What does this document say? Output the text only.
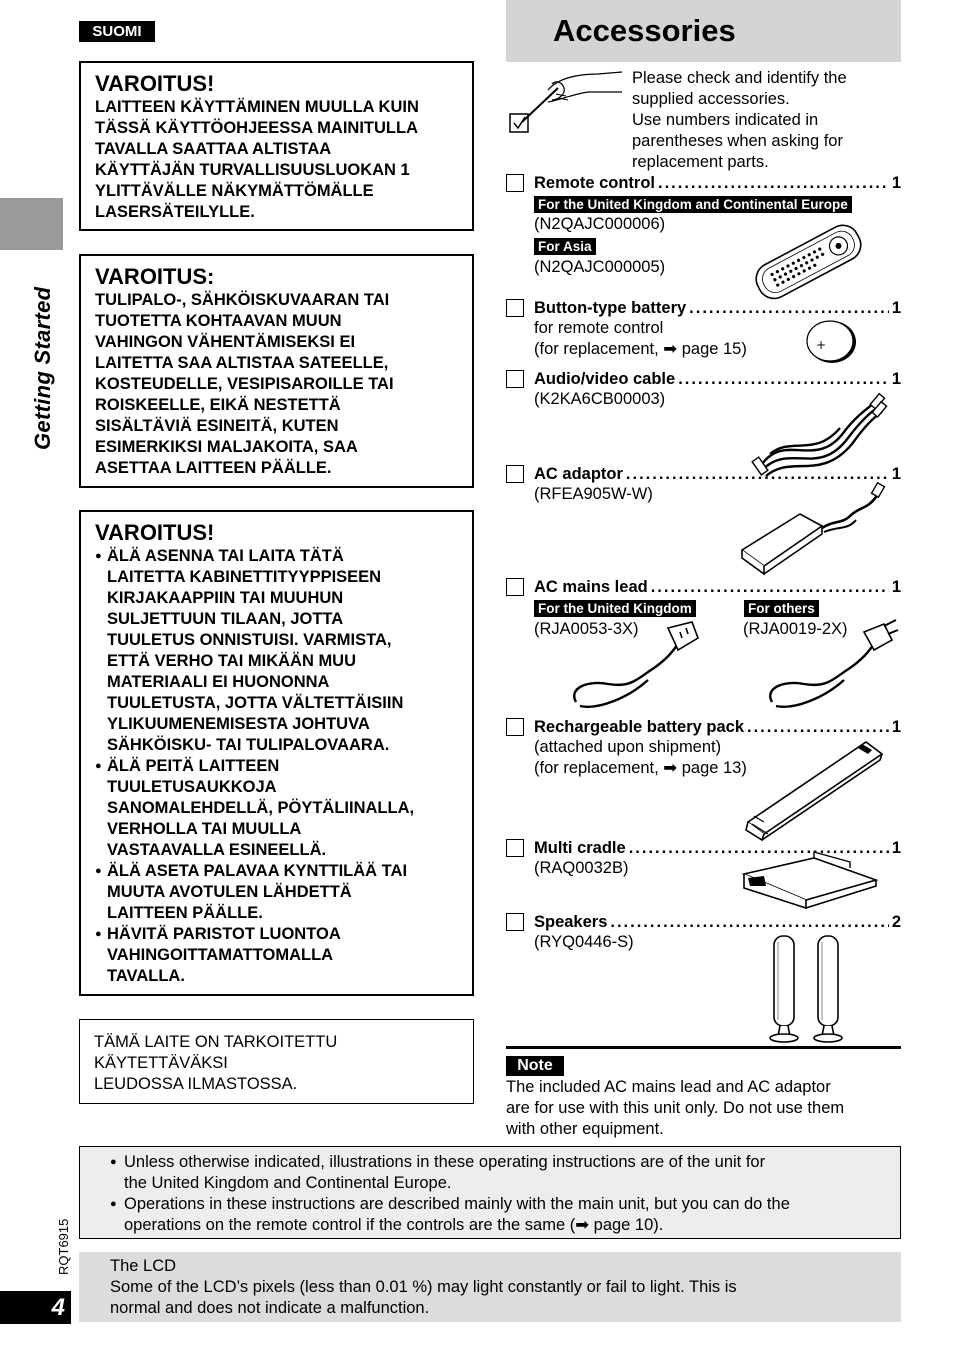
SUOMI
Getting Started
VAROITUS!
LAITTEEN KÄYTTÄMINEN MUULLA KUIN
TÄSSÄ KÄYTTÖOHJEESSA MAINITULLA
TAVALLA SAATTAA ALTISTAA
KÄYTTÄJÄN TURVALLISUUSLUOKAN 1
YLITTÄVÄLLE NÄKYMÄTTÖMÄLLE
LASERSÄTEILYLLE.
VAROITUS:
TULIPALO-, SÄHKÖISKUVAARAN TAI
TUOTETTA KOHTAAVAN MUUN
VAHINGON VÄHENTÄMISEKSI EI
LAITETTA SAA ALTISTAA SATEELLE,
KOSTEUDELLE, VESIPISAROILLE TAI
ROISKEELLE, EIKÄ NESTETTÄ
SISÄLTÄVIÄ ESINEITÄ, KUTEN
ESIMERKIKSI MALJAKOITA, SAA
ASETTAA LAITTEEN PÄÄLLE.
VAROITUS!
● ÄLÄ ASENNA TAI LAITA TÄTÄ
LAITETTA KABINETTITYYPPISEEN
KIRJAKAAPPIIN TAI MUUHUN
SULJETTUUN TILAAN, JOTTA
TUULETUS ONNISTUISI. VARMISTA,
ETTÄ VERHO TAI MIKÄÄN MUU
MATERIAALI EI HUONONNA
TUULETUSTA, JOTTA VÄLTETTÄISIIN
YLIKUUMENEMISESTA JOHTUVA
SÄHKÖISKU- TAI TULIPALOVAARA.
● ÄLÄ PEITÄ LAITTEEN
TUULETUSAUKKOJA
SANOMALEHDELLÄ, PÖYTÄLIINALLA,
VERHOLLA TAI MUULLA
VASTAAVALLA ESINEELLÄ.
● ÄLÄ ASETA PALAVAA KYNTTILÄÄ TAI
MUUTA AVOTULEN LÄHDETTÄ
LAITTEEN PÄÄLLE.
● HÄVITÄ PARISTOT LUONTOA
VAHINGOITTAMATTOMALLA
TAVALLA.
TÄMÄ LAITE ON TARKOITETTU
KÄYTETTÄVÄKSI
LEUDOSSA ILMASTOSSA.
Accessories
Please check and identify the
supplied accessories.
Use numbers indicated in
parentheses when asking for
replacement parts.
Remote control .....	1
For the United Kingdom and Continental Europe
(N2QAJC000006)
For Asia
(N2QAJC000005)
Button-type battery .....	1
for remote control
(for replacement, ➡ page 15)	+
Audio/video cable .....	1
(K2KA6CB00003)
AC adaptor .....	1
(RFEA905W-W)
AC mains lead .....	1
For the United Kingdom
(RJA0053-3X)
For others
(RJA0019-2X)
Rechargeable battery pack .....	1
(attached upon shipment)
(for replacement, ➡ page 13)
Multi cradle .....	1
(RAQ0032B)
Speakers .....	2
(RYQ0446-S)
Note
The included AC mains lead and AC adaptor
are for use with this unit only. Do not use them
with other equipment.
● Unless otherwise indicated, illustrations in these operating instructions are of the unit for
the United Kingdom and Continental Europe.
● Operations in these instructions are described mainly with the main unit, but you can do the
operations on the remote control if the controls are the same (➡ page 10).
The LCD
Some of the LCD’s pixels (less than 0.01 %) may light constantly or fail to light. This is
normal and does not indicate a malfunction.
RQT6915
4
